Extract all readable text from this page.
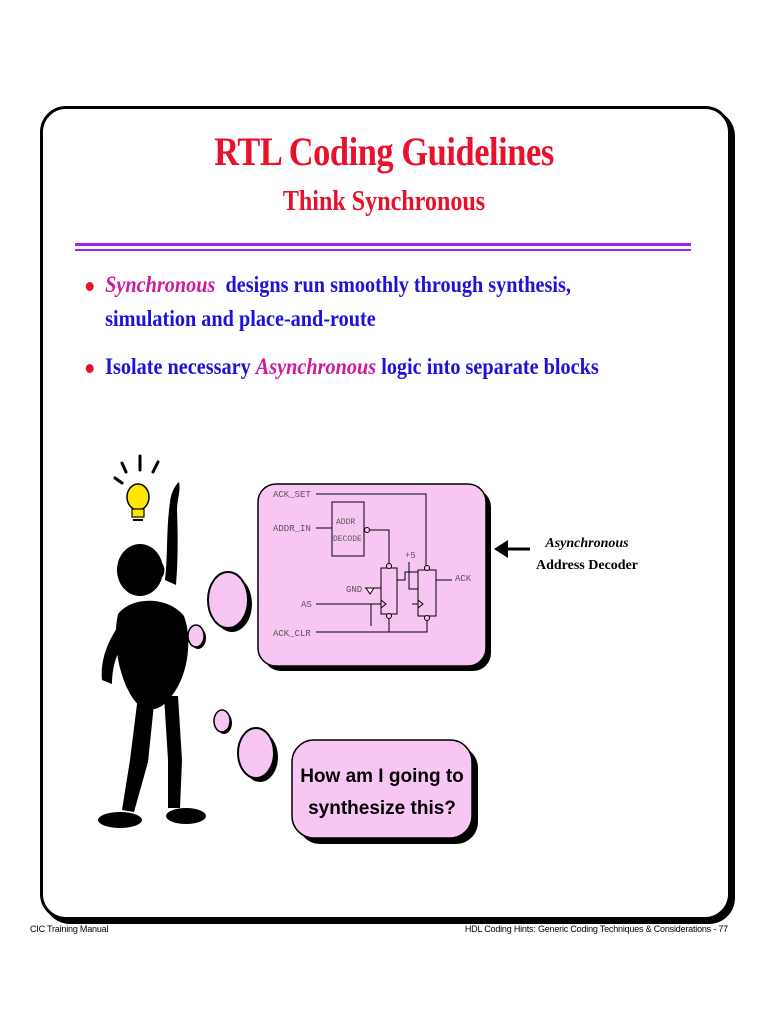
RTL Coding Guidelines
Think Synchronous
Synchronous  designs run smoothly through synthesis,
simulation and place-and-route
Isolate necessary Asynchronous logic into separate blocks
ACK_SET
ADDR_IN
ADDR
DECODE
+5
GND
ACK
AS
ACK_CLR
Asynchronous
Address Decoder
How am I going to
synthesize this?
CIC Training Manual	HDL Coding Hints: Generic Coding Techniques & Considerations - 77
